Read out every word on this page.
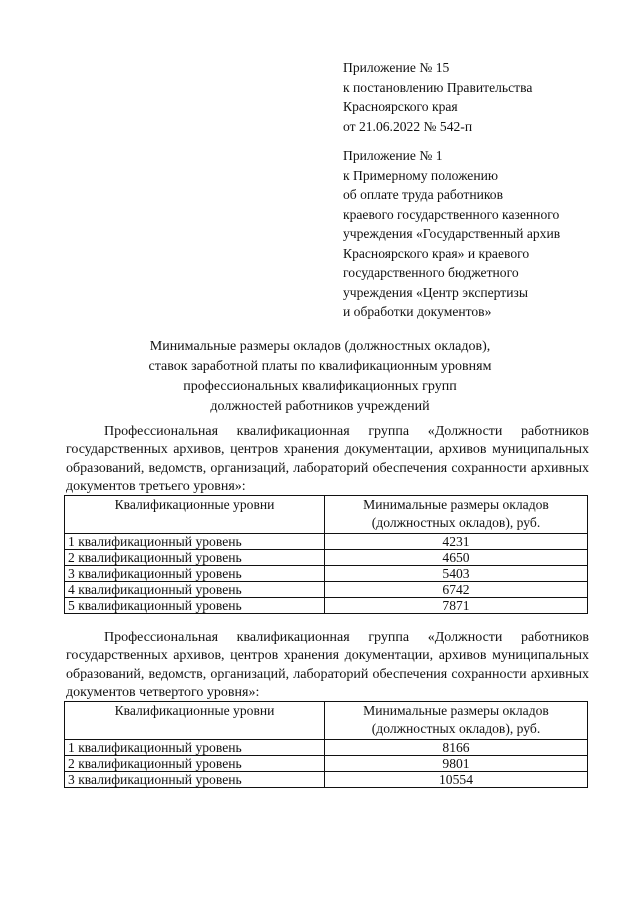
Приложение № 15
к постановлению Правительства
Красноярского края
от 21.06.2022 № 542-п
Приложение № 1
к Примерному положению
об оплате труда работников
краевого государственного казенного
учреждения «Государственный архив
Красноярского края» и краевого
государственного бюджетного
учреждения «Центр экспертизы
и обработки документов»
Минимальные размеры окладов (должностных окладов),
ставок заработной платы по квалификационным уровням
профессиональных квалификационных групп
должностей работников учреждений
Профессиональная квалификационная группа «Должности работников государственных архивов, центров хранения документации, архивов муниципальных образований, ведомств, организаций, лабораторий обеспечения сохранности архивных документов третьего уровня»:
Квалификационные уровни	Минимальные размеры окладов (должностных окладов), руб.
1 квалификационный уровень	4231
2 квалификационный уровень	4650
3 квалификационный уровень	5403
4 квалификационный уровень	6742
5 квалификационный уровень	7871
Профессиональная квалификационная группа «Должности работников государственных архивов, центров хранения документации, архивов муниципальных образований, ведомств, организаций, лабораторий обеспечения сохранности архивных документов четвертого уровня»:
Квалификационные уровни	Минимальные размеры окладов (должностных окладов), руб.
1 квалификационный уровень	8166
2 квалификационный уровень	9801
3 квалификационный уровень	10554
